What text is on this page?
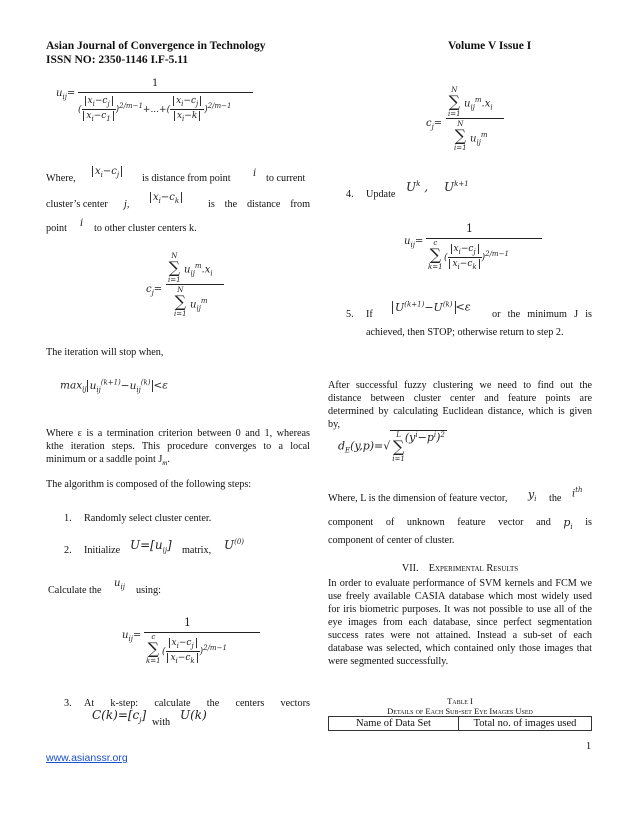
Asian Journal of Convergence in Technology
ISSN NO: 2350-1146 I.F-5.11
Volume V Issue I
$u_{ij}=$
1
( $\frac{x_i-c_j}{x_i-c_1} )^{2/m-1}+...+( \frac{x_i-c_j}{x_i-k} )^{2/m-1}$
Where,
$x_i-c_j$ is distance from point i to current
cluster’s center j,
$x_i-c_k$	is the distance from
point i to other cluster centers k.
$c_j=$
N
∑
i=1
$u_{ij}^m.x_i$
N
∑
i=1
$u_{ij}^m$
The iteration will stop when,
$\max_{ij} u_{ij}^{(k+1)}-u_{ij}^{(k)} <\varepsilon$
Where ε is a termination criterion between 0 and 1, whereas kthe iteration steps. This procedure converges to a local minimum or a saddle point $J_m$.
The algorithm is composed of the following steps:
1. Randomly select cluster center.
2. Initialize $U=[u_{ij}]$ matrix, $U^{(0)}$
Calculate the
$u_{ij}$ using:
$u_{ij}=$
1
c
∑
k=1
( $\frac{x_i-c_j}{x_i-c_k} )^{2/m-1}$
3. At k-step: calculate the centers vectors
$C(k)=[c_j]$
with
U(k)
$c_j=$
N
∑
i=1
$u_{ij}^m.x_i$
N
∑
i=1
$u_{ij}^m$
4. Update
$U^k$ , $U^{k+1}$
$u_{ij}=$
1
c
∑
k=1
( $\frac{x_i-c_j}{x_i-c_k} )^{2/m-1}$
5. If
$U^{(k+1)}-U^{(k)} <\varepsilon$
or the minimum J is
achieved, then STOP; otherwise return to step 2.
After successful fuzzy clustering we need to find out the distance between cluster center and feature points are determined by calculating Euclidean distance, which is given by,
$d_E(y,p)=√$
L
∑
i=1
(y i −p i ) 2
Where, L is the dimension of feature vector, $y_i$ the $i^{th}$
component of unknown feature vector and $p_i$ is
component of center of cluster.
VII. Experimental Results
In order to evaluate performance of SVM kernels and FCM we use freely available CASIA database which most widely used for iris biometric purposes. It was not possible to use all of the eye images from each database, since perfect segmentation success rates were not attained. Instead a sub-set of each database was selected, which contained only those images that were segmented successfully.
Table I
Details of Each Sub-set Eye Images Used
Name of Data Set	Total no. of images used
1
www.asianssr.org
